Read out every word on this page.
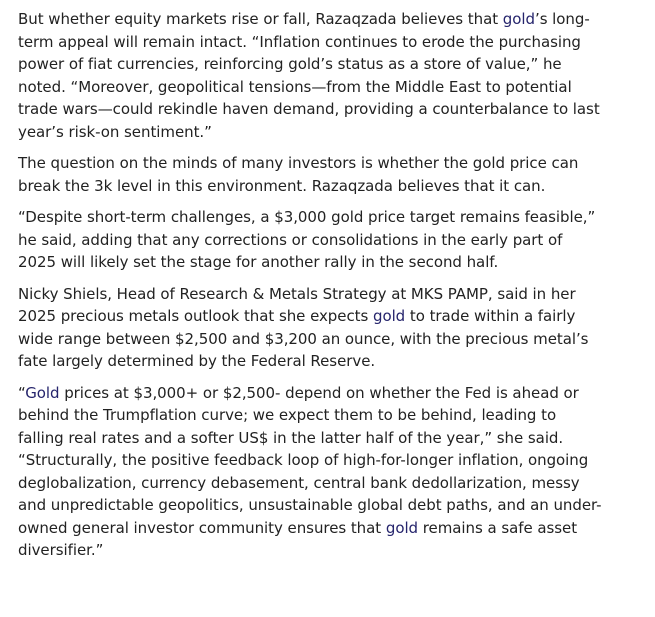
But whether equity markets rise or fall, Razaqzada believes that gold’s long-
term appeal will remain intact. “Inflation continues to erode the purchasing
power of fiat currencies, reinforcing gold’s status as a store of value,” he
noted. “Moreover, geopolitical tensions—from the Middle East to potential
trade wars—could rekindle haven demand, providing a counterbalance to last
year’s risk-on sentiment.”

The question on the minds of many investors is whether the gold price can
break the 3k level in this environment. Razaqzada believes that it can.

“Despite short-term challenges, a $3,000 gold price target remains feasible,”
he said, adding that any corrections or consolidations in the early part of
2025 will likely set the stage for another rally in the second half.

Nicky Shiels, Head of Research & Metals Strategy at MKS PAMP, said in her
2025 precious metals outlook that she expects gold to trade within a fairly
wide range between $2,500 and $3,200 an ounce, with the precious metal’s
fate largely determined by the Federal Reserve.

“Gold prices at $3,000+ or $2,500- depend on whether the Fed is ahead or
behind the Trumpflation curve; we expect them to be behind, leading to
falling real rates and a softer US$ in the latter half of the year,” she said.
“Structurally, the positive feedback loop of high-for-longer inflation, ongoing
deglobalization, currency debasement, central bank dedollarization, messy
and unpredictable geopolitics, unsustainable global debt paths, and an under-
owned general investor community ensures that gold remains a safe asset
diversifier.”
